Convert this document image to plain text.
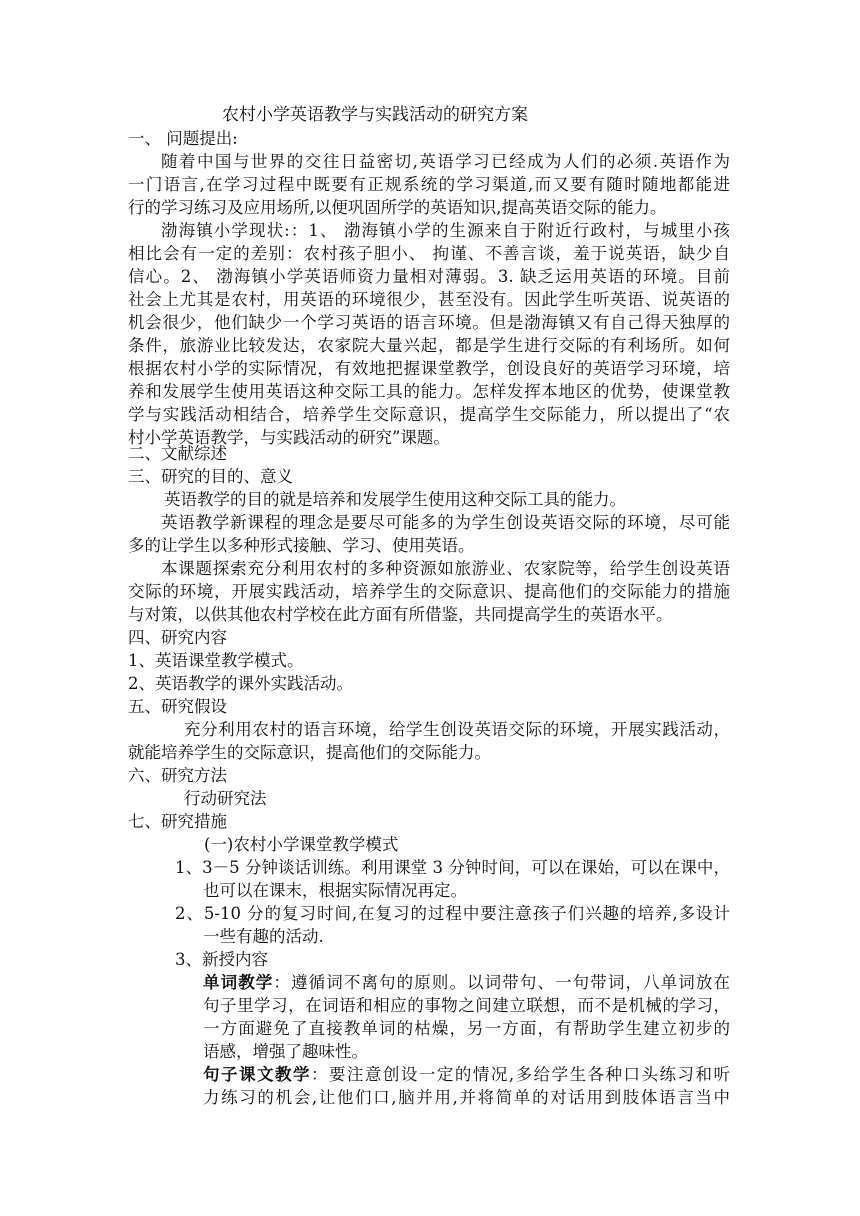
农村小学英语教学与实践活动的研究方案
一、 问题提出:
随着中国与世界的交往日益密切,英语学习已经成为人们的必须.英语作为
一门语言,在学习过程中既要有正规系统的学习渠道,而又要有随时随地都能进
行的学习练习及应用场所,以便巩固所学的英语知识,提高英语交际的能力。
渤海镇小学现状:：1、 渤海镇小学的生源来自于附近行政村，与城里小孩
相比会有一定的差别：农村孩子胆小、 拘谨、不善言谈，羞于说英语，缺少自
信心。2、 渤海镇小学英语师资力量相对薄弱。3. 缺乏运用英语的环境。目前
社会上尤其是农村，用英语的环境很少，甚至没有。因此学生听英语、说英语的
机会很少，他们缺少一个学习英语的语言环境。但是渤海镇又有自己得天独厚的
条件，旅游业比较发达，农家院大量兴起，都是学生进行交际的有利场所。如何
根据农村小学的实际情况，有效地把握课堂教学，创设良好的英语学习环境，培
养和发展学生使用英语这种交际工具的能力。怎样发挥本地区的优势，使课堂教
学与实践活动相结合，培养学生交际意识，提高学生交际能力，所以提出了“农
村小学英语教学，与实践活动的研究”课题。
二、文献综述
三、研究的目的、意义
英语教学的目的就是培养和发展学生使用这种交际工具的能力。
英语教学新课程的理念是要尽可能多的为学生创设英语交际的环境，尽可能
多的让学生以多种形式接触、学习、使用英语。
本课题探索充分利用农村的多种资源如旅游业、农家院等，给学生创设英语
交际的环境，开展实践活动，培养学生的交际意识、提高他们的交际能力的措施
与对策，以供其他农村学校在此方面有所借鉴，共同提高学生的英语水平。
四、研究内容
1、英语课堂教学模式。
2、英语教学的课外实践活动。
五、研究假设
充分利用农村的语言环境，给学生创设英语交际的环境，开展实践活动，
就能培养学生的交际意识，提高他们的交际能力。
六、研究方法
行动研究法
七、研究措施
(一)农村小学课堂教学模式
1、3－5 分钟谈话训练。利用课堂 3 分钟时间，可以在课始，可以在课中，
也可以在课末，根据实际情况再定。
2、5-10 分的复习时间,在复习的过程中要注意孩子们兴趣的培养,多设计
一些有趣的活动.
3、新授内容
单词教学：遵循词不离句的原则。以词带句、一句带词，八单词放在
句子里学习，在词语和相应的事物之间建立联想，而不是机械的学习，
一方面避免了直接教单词的枯燥，另一方面，有帮助学生建立初步的
语感，增强了趣味性。
句子课文教学：要注意创设一定的情况,多给学生各种口头练习和听
力练习的机会,让他们口,脑并用,并将简单的对话用到肢体语言当中
